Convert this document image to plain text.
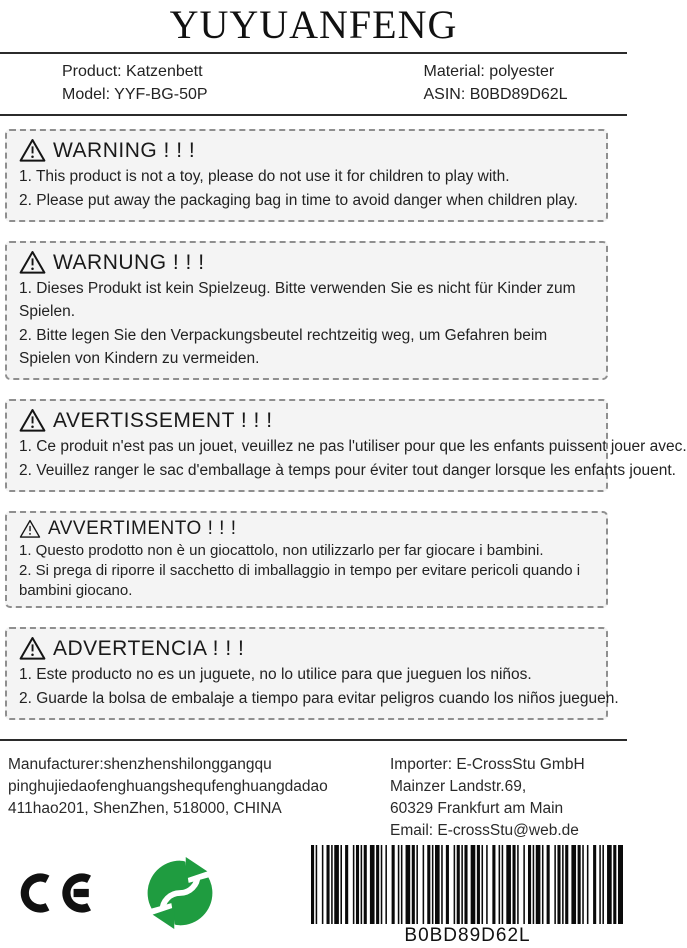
YUYUANFENG
Product: Katzenbett	Material: polyester
Model: YYF-BG-50P	ASIN: B0BD89D62L
WARNING ! ! !

1. This product is not a toy, please do not use it for children to play with.

2. Please put away the packaging bag in time to avoid danger when children play.

WARNUNG ! ! !

1. Dieses Produkt ist kein Spielzeug. Bitte verwenden Sie es nicht für Kinder zum Spielen.

2. Bitte legen Sie den Verpackungsbeutel rechtzeitig weg, um Gefahren beim Spielen von Kindern zu vermeiden.

AVERTISSEMENT ! ! !

1. Ce produit n'est pas un jouet, veuillez ne pas l'utiliser pour que les enfants puissent jouer avec.

2. Veuillez ranger le sac d'emballage à temps pour éviter tout danger lorsque les enfants jouent.

AVVERTIMENTO ! ! !

1. Questo prodotto non è un giocattolo, non utilizzarlo per far giocare i bambini.

2. Si prega di riporre il sacchetto di imballaggio in tempo per evitare pericoli quando i bambini giocano.

ADVERTENCIA ! ! !

1. Este producto no es un juguete, no lo utilice para que jueguen los niños.

2. Guarde la bolsa de embalaje a tiempo para evitar peligros cuando los niños jueguen.

Manufacturer:shenzhenshilonggangqu
pinghujiedaofenghuangshequfenghuangdadao
411hao201, ShenZhen, 518000, CHINA
Importer: E-CrossStu GmbH
Mainzer Landstr.69,
60329 Frankfurt am Main
Email: E-crossStu@web.de
B0BD89D62L
